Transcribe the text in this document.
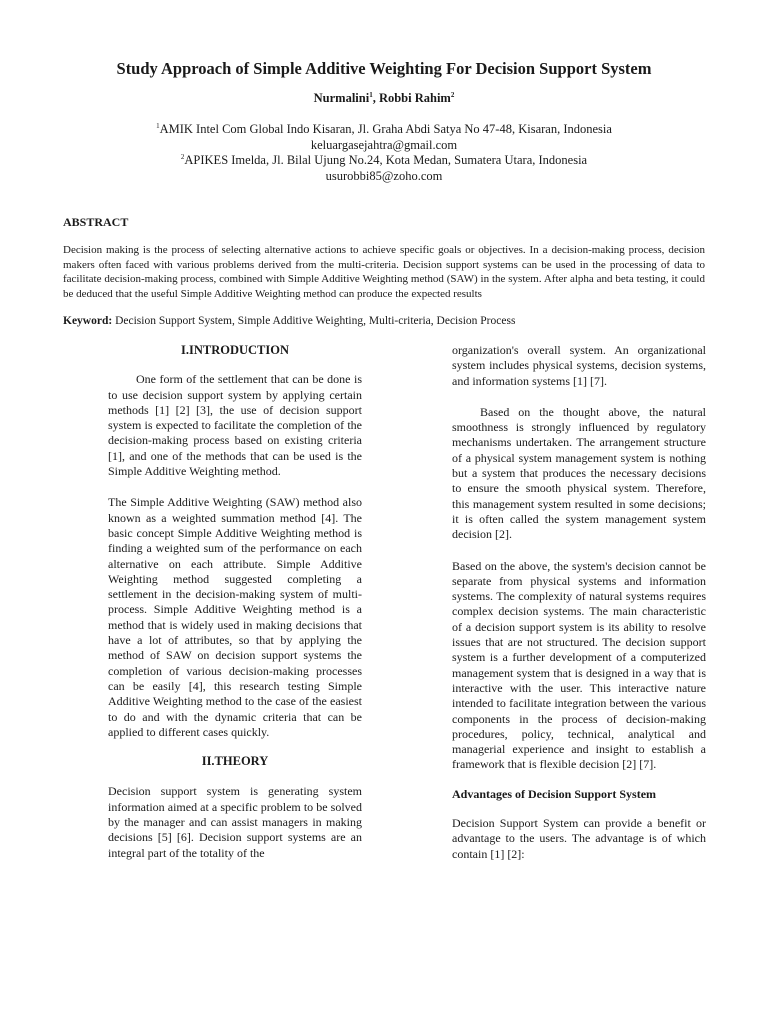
Study Approach of Simple Additive Weighting For Decision Support System
Nurmalini$^1$, Robbi Rahim$^2$
$^1$AMIK Intel Com Global Indo Kisaran, Jl. Graha Abdi Satya No 47-48, Kisaran, Indonesia
keluargasejahtra@gmail.com
$^2$APIKES Imelda, Jl. Bilal Ujung No.24, Kota Medan, Sumatera Utara, Indonesia
usurobbi85@zoho.com
ABSTRACT
Decision making is the process of selecting alternative actions to achieve specific goals or objectives. In a decision-making process, decision makers often faced with various problems derived from the multi-criteria. Decision support systems can be used in the processing of data to facilitate decision-making process, combined with Simple Additive Weighting method (SAW) in the system. After alpha and beta testing, it could be deduced that the useful Simple Additive Weighting method can produce the expected results
Keyword: Decision Support System, Simple Additive Weighting, Multi-criteria, Decision Process
I.INTRODUCTION

One form of the settlement that can be done is to use decision support system by applying certain methods [1] [2] [3], the use of decision support system is expected to facilitate the completion of the decision-making process based on existing criteria [1], and one of the methods that can be used is the Simple Additive Weighting method.

The Simple Additive Weighting (SAW) method also known as a weighted summation method [4]. The basic concept Simple Additive Weighting method is finding a weighted sum of the performance on each alternative on each attribute. Simple Additive Weighting method suggested completing a settlement in the decision-making system of multi-process. Simple Additive Weighting method is a method that is widely used in making decisions that have a lot of attributes, so that by applying the method of SAW on decision support systems the completion of various decision-making processes can be easily [4], this research testing Simple Additive Weighting method to the case of the easiest to do and with the dynamic criteria that can be applied to different cases quickly.

II.THEORY

Decision support system is generating system information aimed at a specific problem to be solved by the manager and can assist managers in making decisions [5] [6]. Decision support systems are an integral part of the totality of the

organization's overall system. An organizational system includes physical systems, decision systems, and information systems [1] [7].

Based on the thought above, the natural smoothness is strongly influenced by regulatory mechanisms undertaken. The arrangement structure of a physical system management system is nothing but a system that produces the necessary decisions to ensure the smooth physical system. Therefore, this management system resulted in some decisions; it is often called the system management system decision [2].

Based on the above, the system's decision cannot be separate from physical systems and information systems. The complexity of natural systems requires complex decision systems. The main characteristic of a decision support system is its ability to resolve issues that are not structured. The decision support system is a further development of a computerized management system that is designed in a way that is interactive with the user. This interactive nature intended to facilitate integration between the various components in the process of decision-making procedures, policy, technical, analytical and managerial experience and insight to establish a framework that is flexible decision [2] [7].

Advantages of Decision Support System

Decision Support System can provide a benefit or advantage to the users. The advantage is of which contain [1] [2]:
